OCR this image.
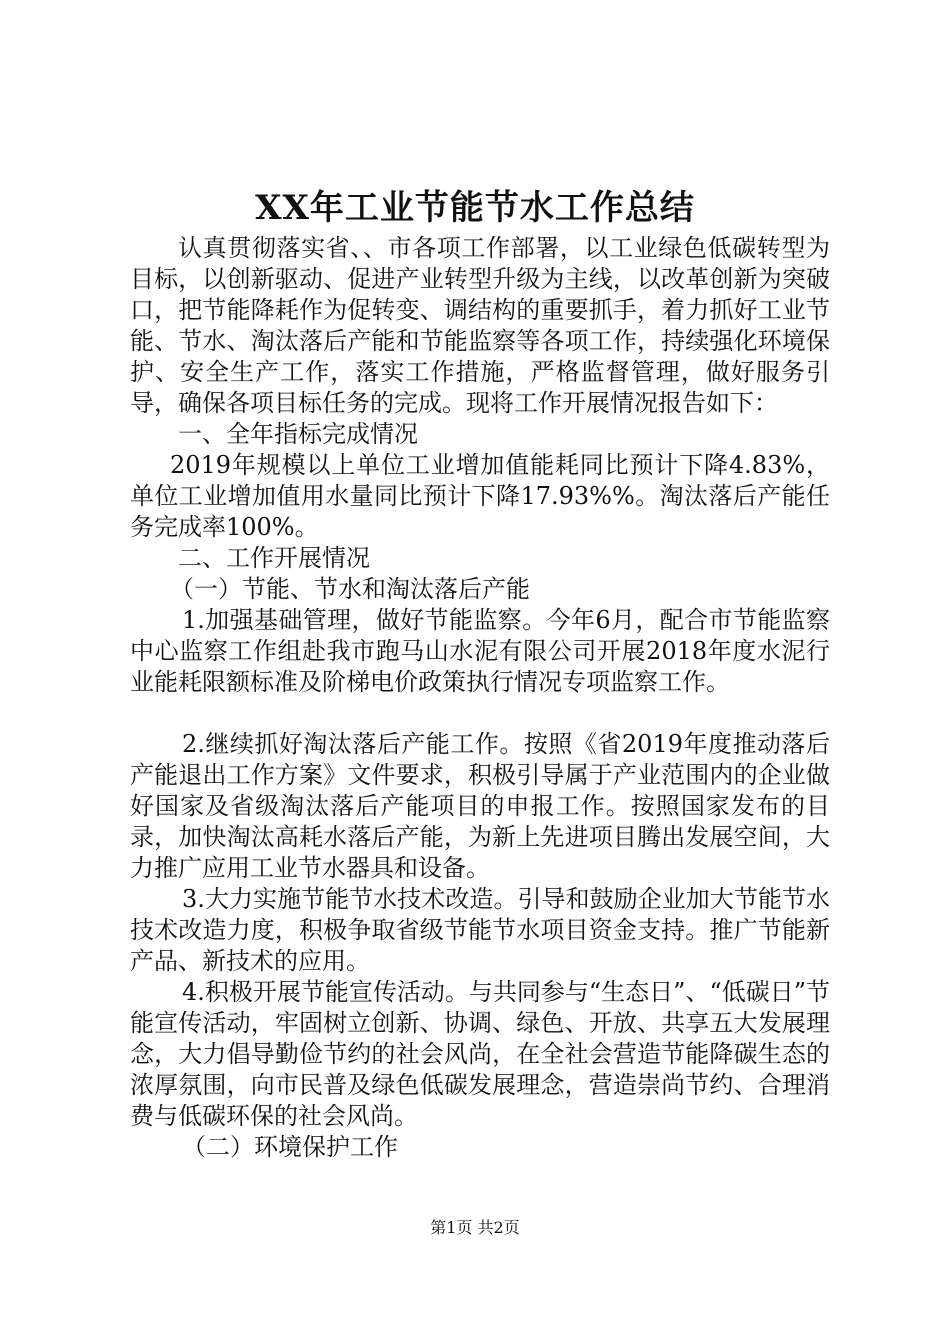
XX年工业节能节水工作总结

认真贯彻落实省、、市各项工作部署，以工业绿色低碳转型为目标，以创新驱动、促进产业转型升级为主线，以改革创新为突破口，把节能降耗作为促转变、调结构的重要抓手，着力抓好工业节能、节水、淘汰落后产能和节能监察等各项工作，持续强化环境保护、安全生产工作，落实工作措施，严格监督管理，做好服务引导，确保各项目标任务的完成。现将工作开展情况报告如下：

一、全年指标完成情况

2019年规模以上单位工业增加值能耗同比预计下降4.83%，单位工业增加值用水量同比预计下降17.93%%。淘汰落后产能任务完成率100%。

二、工作开展情况

（一）节能、节水和淘汰落后产能

1.加强基础管理，做好节能监察。今年6月，配合市节能监察中心监察工作组赴我市跑马山水泥有限公司开展2018年度水泥行业能耗限额标准及阶梯电价政策执行情况专项监察工作。

2.继续抓好淘汰落后产能工作。按照《省2019年度推动落后产能退出工作方案》文件要求，积极引导属于产业范围内的企业做好国家及省级淘汰落后产能项目的申报工作。按照国家发布的目录，加快淘汰高耗水落后产能，为新上先进项目腾出发展空间，大力推广应用工业节水器具和设备。

3.大力实施节能节水技术改造。引导和鼓励企业加大节能节水技术改造力度，积极争取省级节能节水项目资金支持。推广节能新产品、新技术的应用。

4.积极开展节能宣传活动。与共同参与“生态日”、“低碳日”节能宣传活动，牢固树立创新、协调、绿色、开放、共享五大发展理念，大力倡导勤俭节约的社会风尚，在全社会营造节能降碳生态的浓厚氛围，向市民普及绿色低碳发展理念，营造崇尚节约、合理消费与低碳环保的社会风尚。

（二）环境保护工作

第1页 共2页
